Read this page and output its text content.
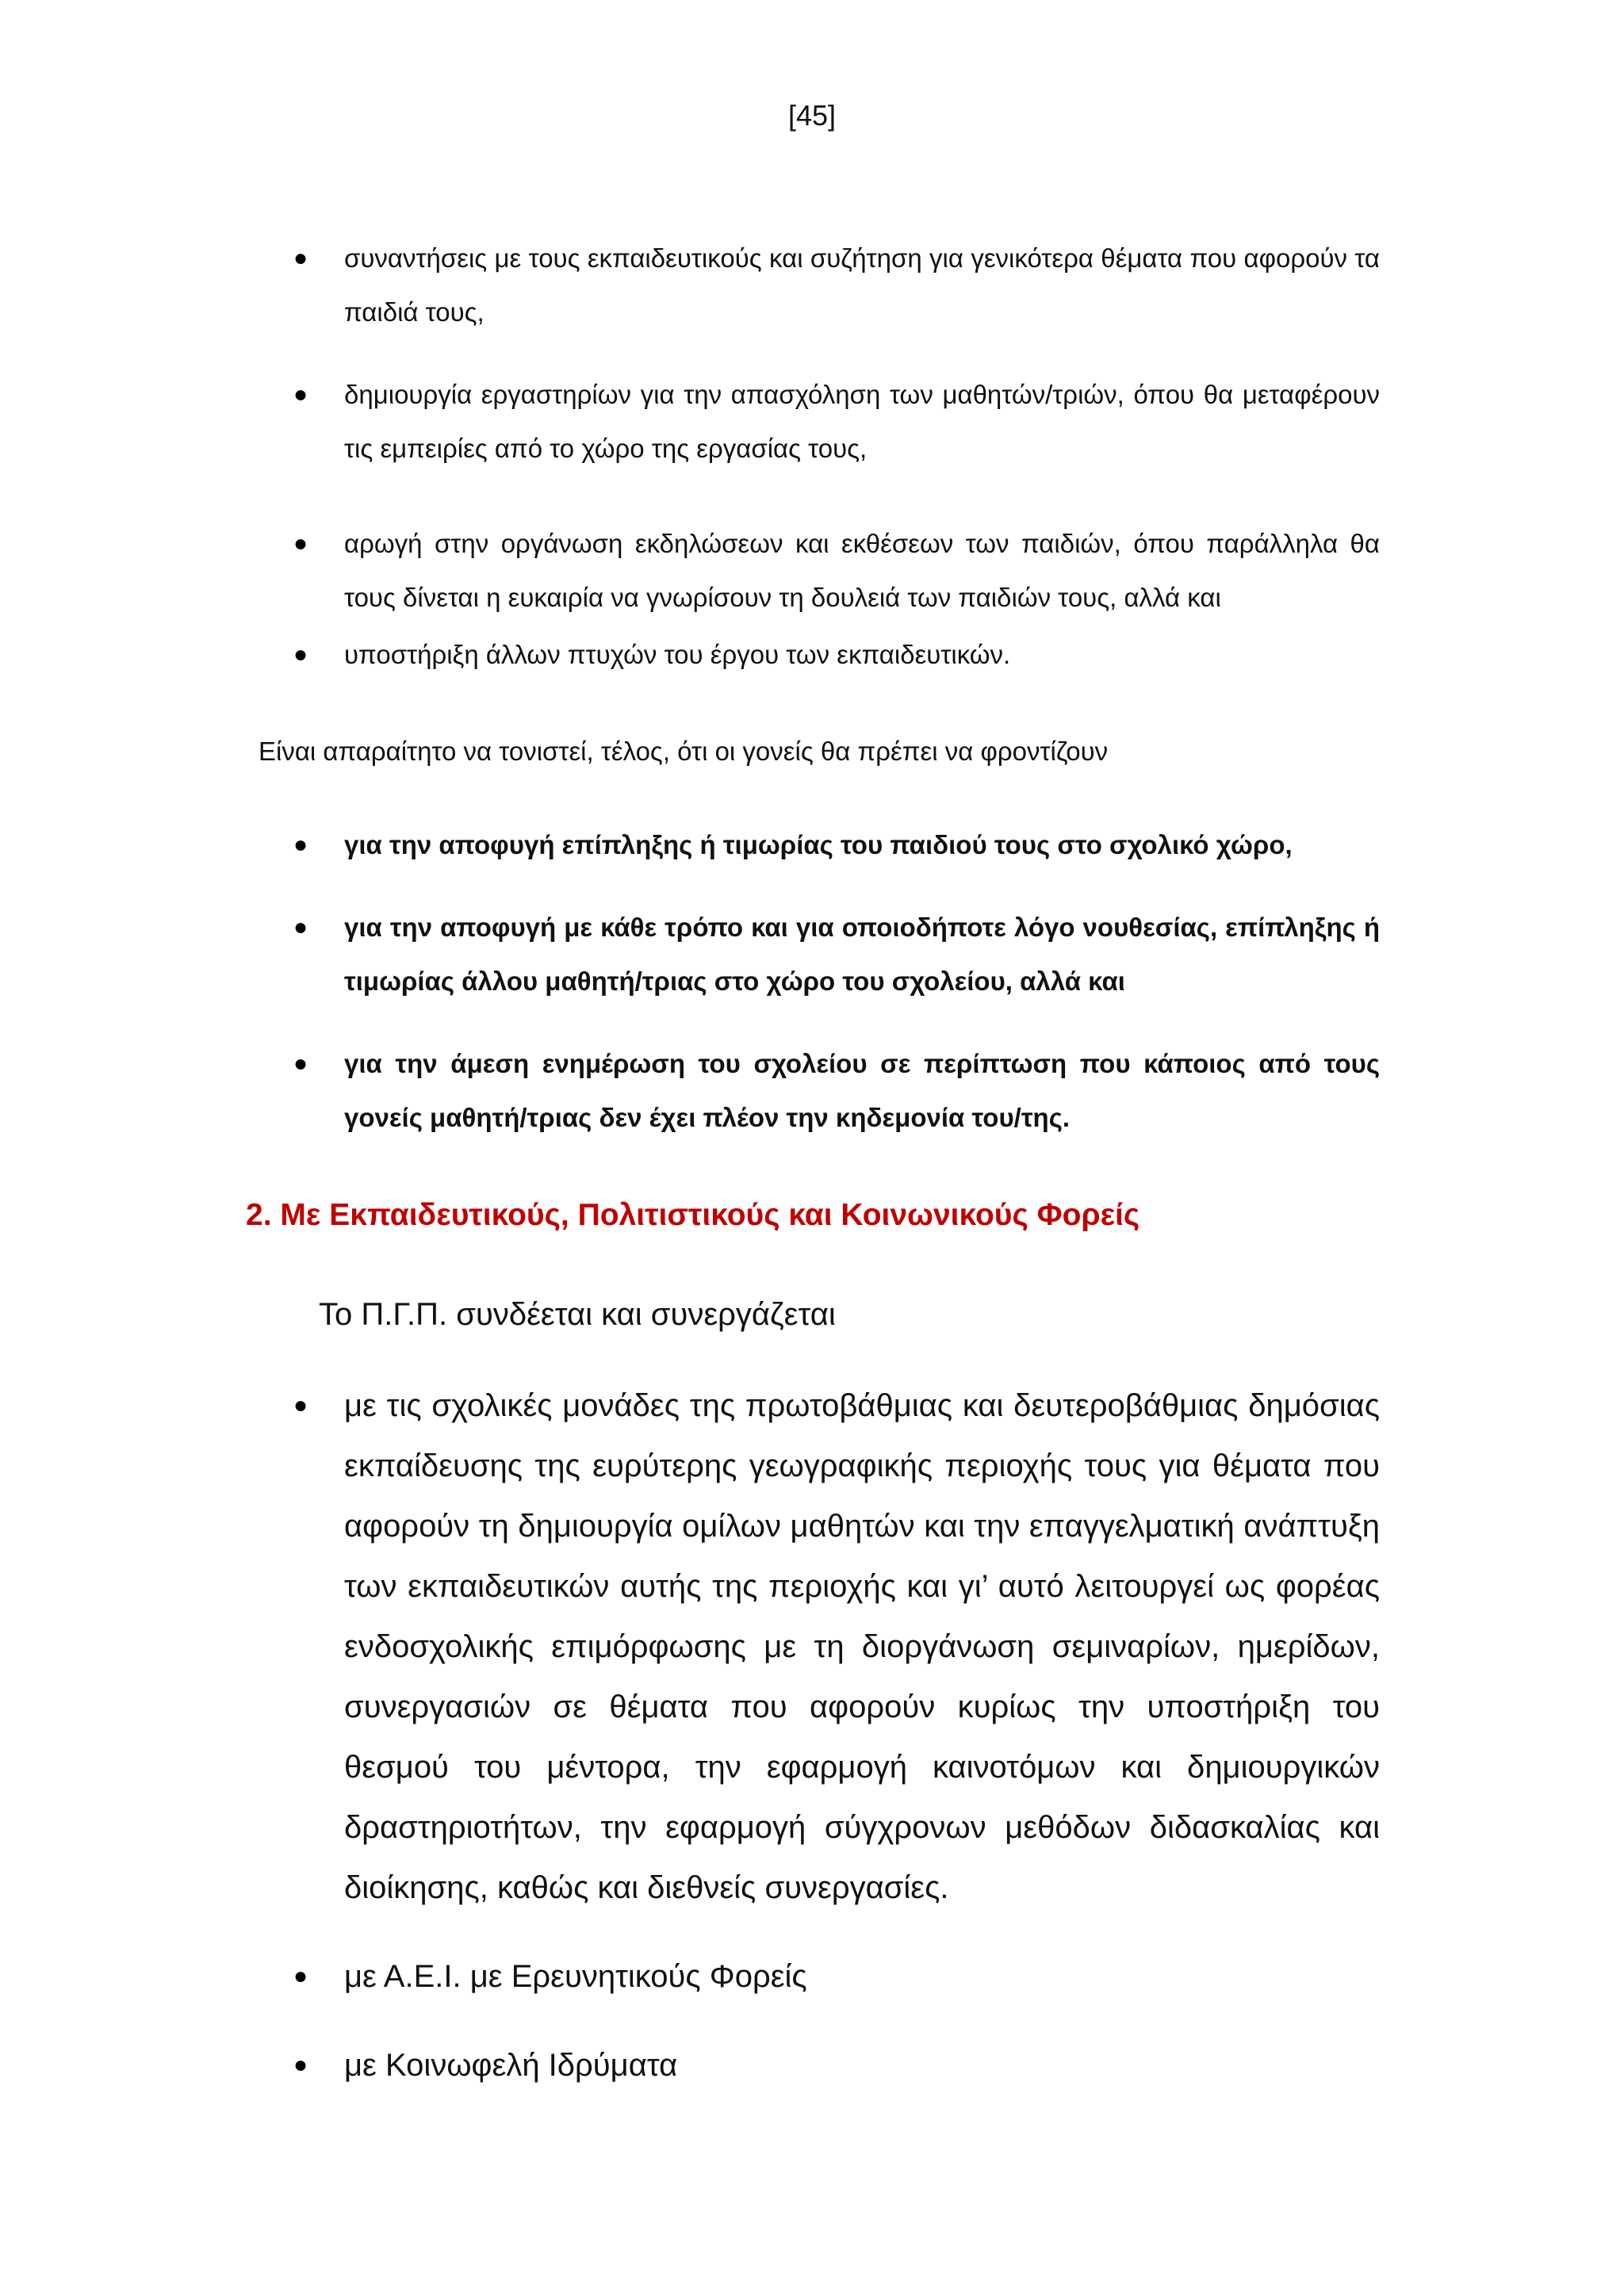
[45]
● συναντήσεις με τους εκπαιδευτικούς και συζήτηση για γενικότερα θέματα που αφορούν τα παιδιά τους,
● δημιουργία εργαστηρίων για την απασχόληση των μαθητών/τριών, όπου θα μεταφέρουν τις εμπειρίες από το χώρο της εργασίας τους,
● αρωγή στην οργάνωση εκδηλώσεων και εκθέσεων των παιδιών, όπου παράλληλα θα τους δίνεται η ευκαιρία να γνωρίσουν τη δουλειά των παιδιών τους, αλλά και
● υποστήριξη άλλων πτυχών του έργου των εκπαιδευτικών.
Είναι απαραίτητο να τονιστεί, τέλος, ότι οι γονείς θα πρέπει να φροντίζουν
● για την αποφυγή επίπληξης ή τιμωρίας του παιδιού τους στο σχολικό χώρο,
● για την αποφυγή με κάθε τρόπο και για οποιοδήποτε λόγο νουθεσίας, επίπληξης ή τιμωρίας άλλου μαθητή/τριας στο χώρο του σχολείου, αλλά και
● για την άμεση ενημέρωση του σχολείου σε περίπτωση που κάποιος από τους γονείς μαθητή/τριας δεν έχει πλέον την κηδεμονία του/της.
2. Με Εκπαιδευτικούς, Πολιτιστικούς και Κοινωνικούς Φορείς
Το Π.Γ.Π. συνδέεται και συνεργάζεται
● με τις σχολικές μονάδες της πρωτοβάθμιας και δευτεροβάθμιας δημόσιας εκπαίδευσης της ευρύτερης γεωγραφικής περιοχής τους για θέματα που αφορούν τη δημιουργία ομίλων μαθητών και την επαγγελματική ανάπτυξη των εκπαιδευτικών αυτής της περιοχής και γι’ αυτό λειτουργεί ως φορέας ενδοσχολικής επιμόρφωσης με τη διοργάνωση σεμιναρίων, ημερίδων, συνεργασιών σε θέματα που αφορούν κυρίως την υποστήριξη του θεσμού του μέντορα, την εφαρμογή καινοτόμων και δημιουργικών δραστηριοτήτων, την εφαρμογή σύγχρονων μεθόδων διδασκαλίας και διοίκησης, καθώς και διεθνείς συνεργασίες.
● με Α.Ε.Ι. με Ερευνητικούς Φορείς
● με Κοινωφελή Ιδρύματα
